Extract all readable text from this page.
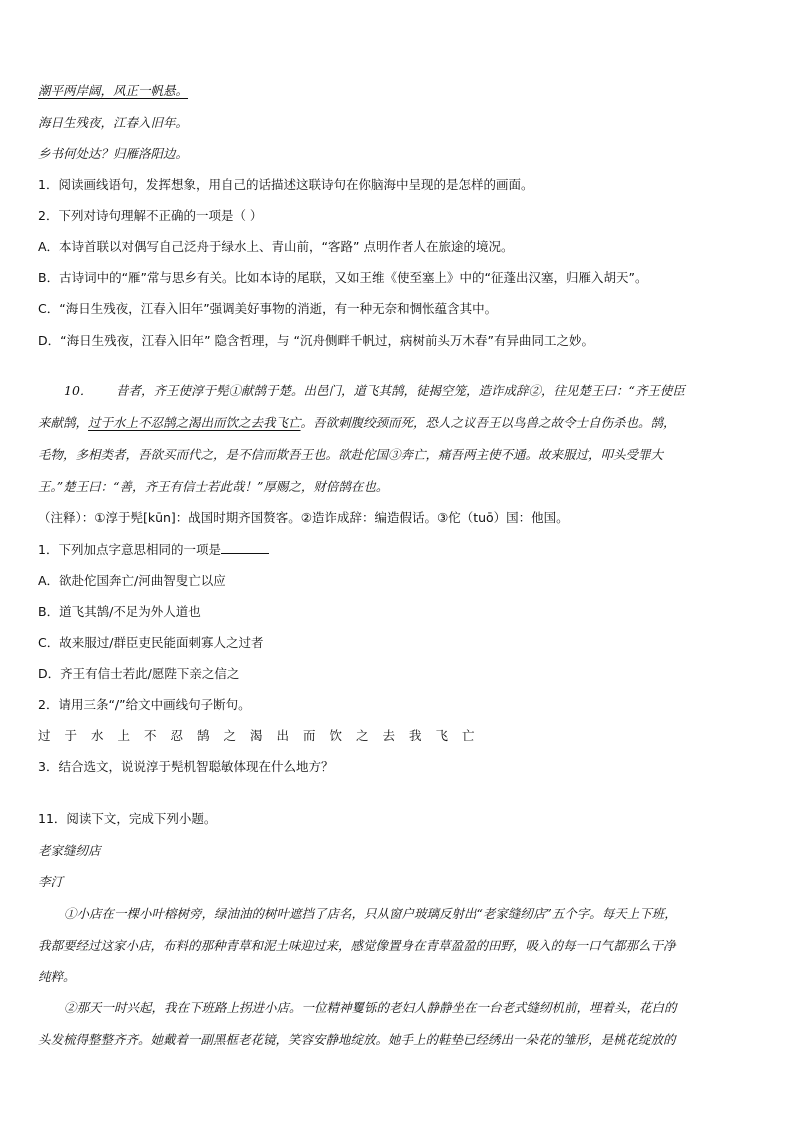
潮平两岸阔，风正一帆悬。
海日生残夜，江春入旧年。
乡书何处达？归雁洛阳边。
1．阅读画线语句，发挥想象，用自己的话描述这联诗句在你脑海中呈现的是怎样的画面。
2．下列对诗句理解不正确的一项是（ ）
A．本诗首联以对偶写自己泛舟于绿水上、青山前，“客路” 点明作者人在旅途的境况。
B．古诗词中的“雁”常与思乡有关。比如本诗的尾联，又如王维《使至塞上》中的“征蓬出汉塞，归雁入胡天”。
C．“海日生残夜，江春入旧年”强调美好事物的消逝，有一种无奈和惆怅蕴含其中。
D．“海日生残夜，江春入旧年” 隐含哲理，与 “沉舟侧畔千帆过，病树前头万木春”有异曲同工之妙。
10． 昔者，齐王使淳于髡①献鹄于楚。出邑门，道飞其鹄，徒揭空笼，造诈成辞②，往见楚王曰：“齐王使臣
来献鹄，过于水上不忍鹄之渴出而饮之去我飞亡。吾欲刺腹绞颈而死，恐人之议吾王以鸟兽之故令士自伤杀也。鹄，
毛物，多相类者，吾欲买而代之，是不信而欺吾王也。欲赴佗国③奔亡，痛吾两主使不通。故来服过，叩头受罪大
王。”楚王曰：“善，齐王有信士若此哉！”厚赐之，财倍鹄在也。
（注释）：①淳于髡[kūn]：战国时期齐国赘客。②造诈成辞：编造假话。③佗（tuō）国：他国。
1．下列加点字意思相同的一项是
A．欲赴佗国奔亡/河曲智叟亡以应
B．道飞其鹄/不足为外人道也
C．故来服过/群臣吏民能面刺寡人之过者
D．齐王有信士若此/愿陛下亲之信之
2．请用三条“/”给文中画线句子断句。
过于水上不忍鹄之渴出而饮之去我飞亡
3．结合选文，说说淳于髡机智聪敏体现在什么地方？
11．阅读下文，完成下列小题。
老家缝纫店
李汀
①小店在一棵小叶榕树旁，绿油油的树叶遮挡了店名，只从窗户玻璃反射出“老家缝纫店”五个字。每天上下班，
我都要经过这家小店，布料的那种青草和泥土味迎过来，感觉像置身在青草盈盈的田野，吸入的每一口气都那么干净
纯粹。
②那天一时兴起，我在下班路上拐进小店。一位精神矍铄的老妇人静静坐在一台老式缝纫机前，埋着头，花白的
头发梳得整整齐齐。她戴着一副黑框老花镜，笑容安静地绽放。她手上的鞋垫已经绣出一朵花的雏形，是桃花绽放的
